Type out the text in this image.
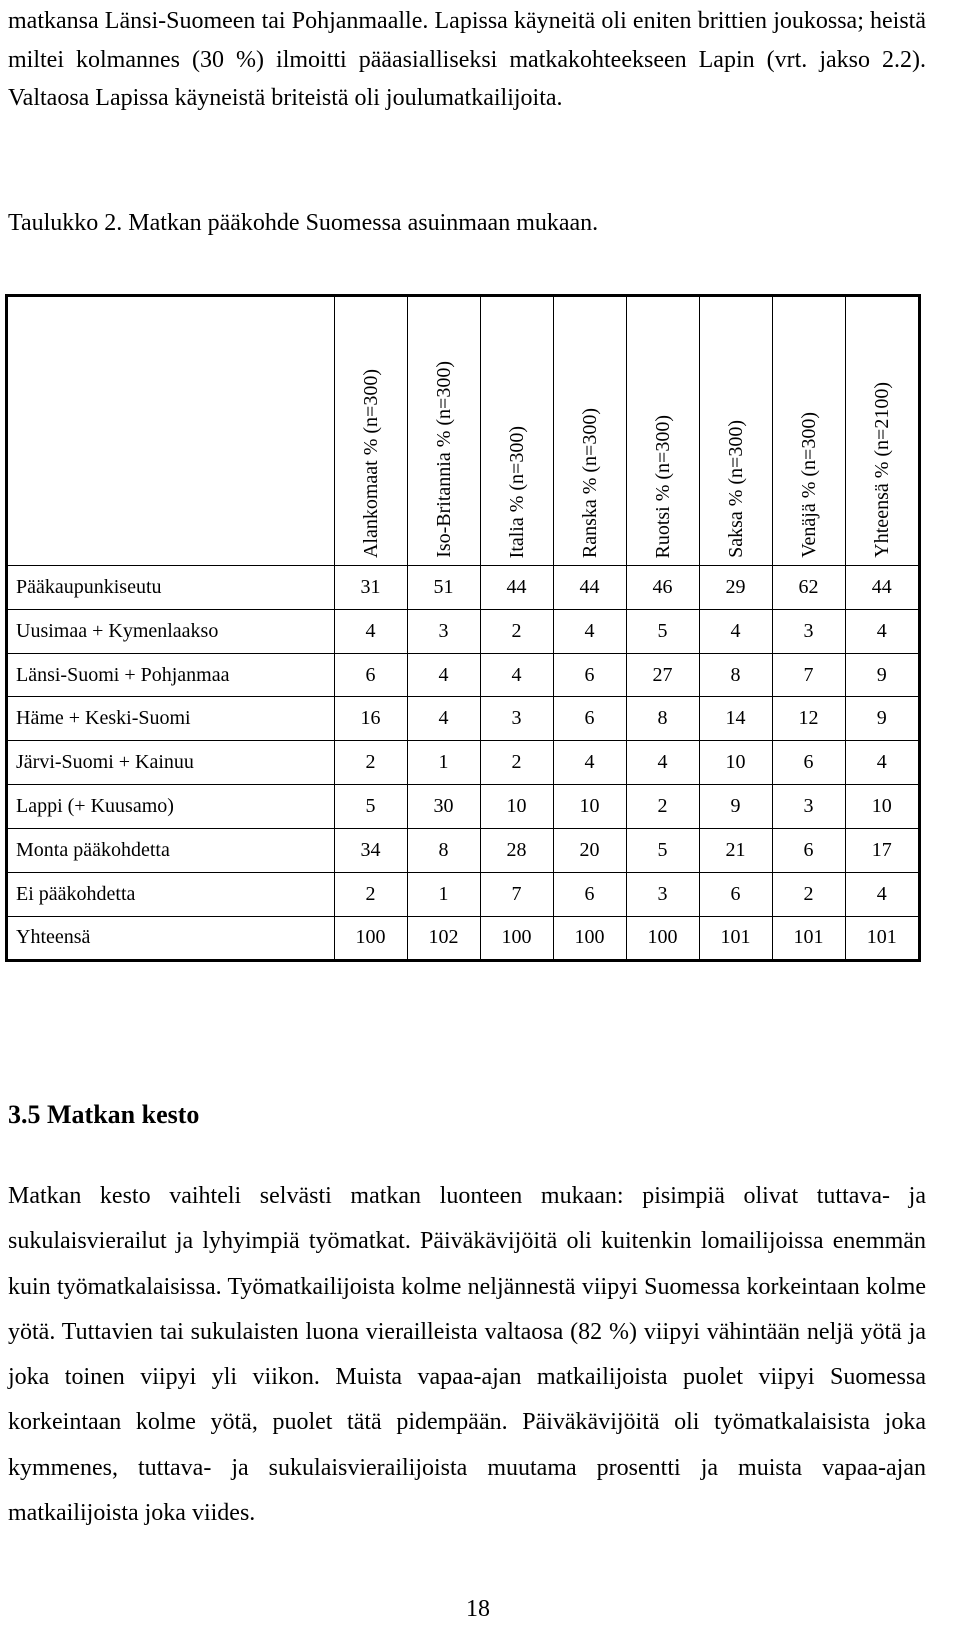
matkansa Länsi-Suomeen tai Pohjanmaalle. Lapissa käyneitä oli eniten brittien joukossa; heistä miltei kolmannes (30 %) ilmoitti pääasialliseksi matkakohteekseen Lapin (vrt. jakso 2.2). Valtaosa Lapissa käyneistä briteistä oli joulumatkailijoita.

Taulukko 2. Matkan pääkohde Suomessa asuinmaan mukaan.

	Alankomaat % (n=300)	Iso-Britannia % (n=300)	Italia % (n=300)	Ranska % (n=300)	Ruotsi % (n=300)	Saksa % (n=300)	Venäjä % (n=300)	Yhteensä % (n=2100)

Pääkaupunkiseutu	31	51	44	44	46	29	62	44
Uusimaa + Kymenlaakso	4	3	2	4	5	4	3	4
Länsi-Suomi + Pohjanmaa	6	4	4	6	27	8	7	9
Häme + Keski-Suomi	16	4	3	6	8	14	12	9
Järvi-Suomi + Kainuu	2	1	2	4	4	10	6	4
Lappi (+ Kuusamo)	5	30	10	10	2	9	3	10
Monta pääkohdetta	34	8	28	20	5	21	6	17
Ei pääkohdetta	2	1	7	6	3	6	2	4
Yhteensä	100	102	100	100	100	101	101	101
3.5 Matkan kesto

Matkan kesto vaihteli selvästi matkan luonteen mukaan: pisimpiä olivat tuttava- ja sukulaisvierailut ja lyhyimpiä työmatkat. Päiväkävijöitä oli kuitenkin lomailijoissa enemmän kuin työmatkalaisissa. Työmatkailijoista kolme neljännestä viipyi Suomessa korkeintaan kolme yötä. Tuttavien tai sukulaisten luona vierailleista valtaosa (82 %) viipyi vähintään neljä yötä ja joka toinen viipyi yli viikon. Muista vapaa-ajan matkailijoista puolet viipyi Suomessa korkeintaan kolme yötä, puolet tätä pidempään. Päiväkävijöitä oli työmatkalaisista joka kymmenes, tuttava- ja sukulaisvierailijoista muutama prosentti ja muista vapaa-ajan matkailijoista joka viides.

18
